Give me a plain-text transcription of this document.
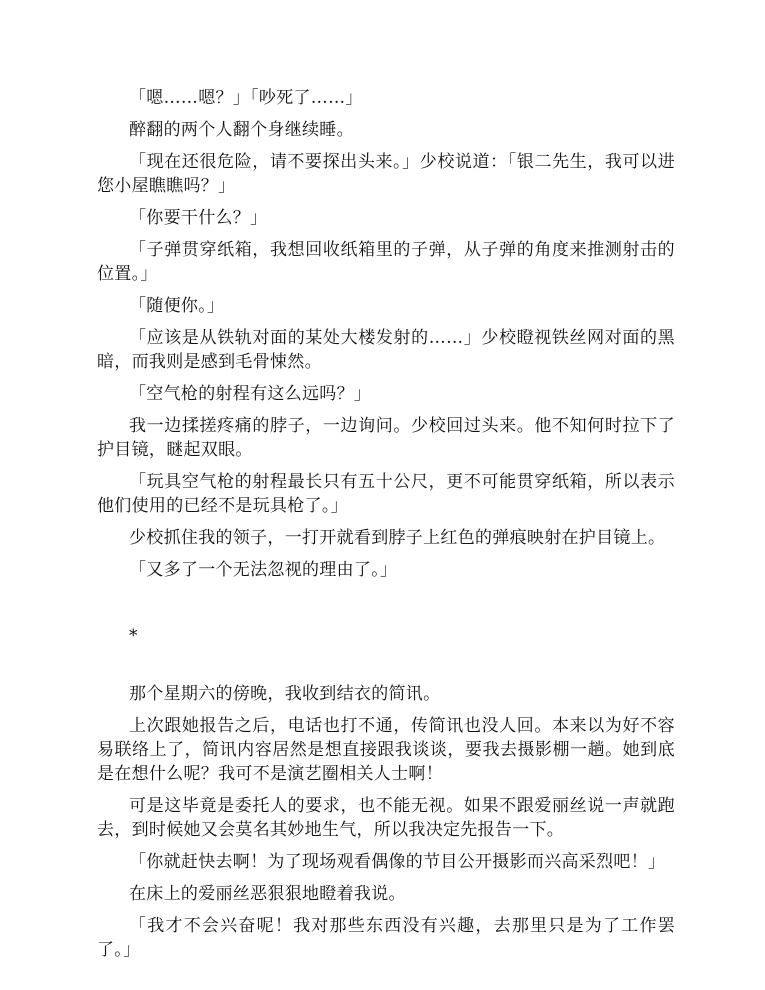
「嗯……嗯？」「吵死了……」

醉翻的两个人翻个身继续睡。

「现在还很危险，请不要探出头来。」少校说道：「银二先生，我可以进您小屋瞧瞧吗？」

「你要干什么？」

「子弹贯穿纸箱，我想回收纸箱里的子弹，从子弹的角度来推测射击的位置。」

「随便你。」

「应该是从铁轨对面的某处大楼发射的……」少校瞪视铁丝网对面的黑暗，而我则是感到毛骨悚然。

「空气枪的射程有这么远吗？」

我一边揉搓疼痛的脖子，一边询问。少校回过头来。他不知何时拉下了护目镜，瞇起双眼。

「玩具空气枪的射程最长只有五十公尺，更不可能贯穿纸箱，所以表示他们使用的已经不是玩具枪了。」

少校抓住我的领子，一打开就看到脖子上红色的弹痕映射在护目镜上。

「又多了一个无法忽视的理由了。」

*

那个星期六的傍晚，我收到结衣的简讯。

上次跟她报告之后，电话也打不通，传简讯也没人回。本来以为好不容易联络上了，简讯内容居然是想直接跟我谈谈，要我去摄影棚一趟。她到底是在想什么呢？我可不是演艺圈相关人士啊！

可是这毕竟是委托人的要求，也不能无视。如果不跟爱丽丝说一声就跑去，到时候她又会莫名其妙地生气，所以我决定先报告一下。

「你就赶快去啊！为了现场观看偶像的节目公开摄影而兴高采烈吧！」

在床上的爱丽丝恶狠狠地瞪着我说。

「我才不会兴奋呢！我对那些东西没有兴趣，去那里只是为了工作罢了。」
